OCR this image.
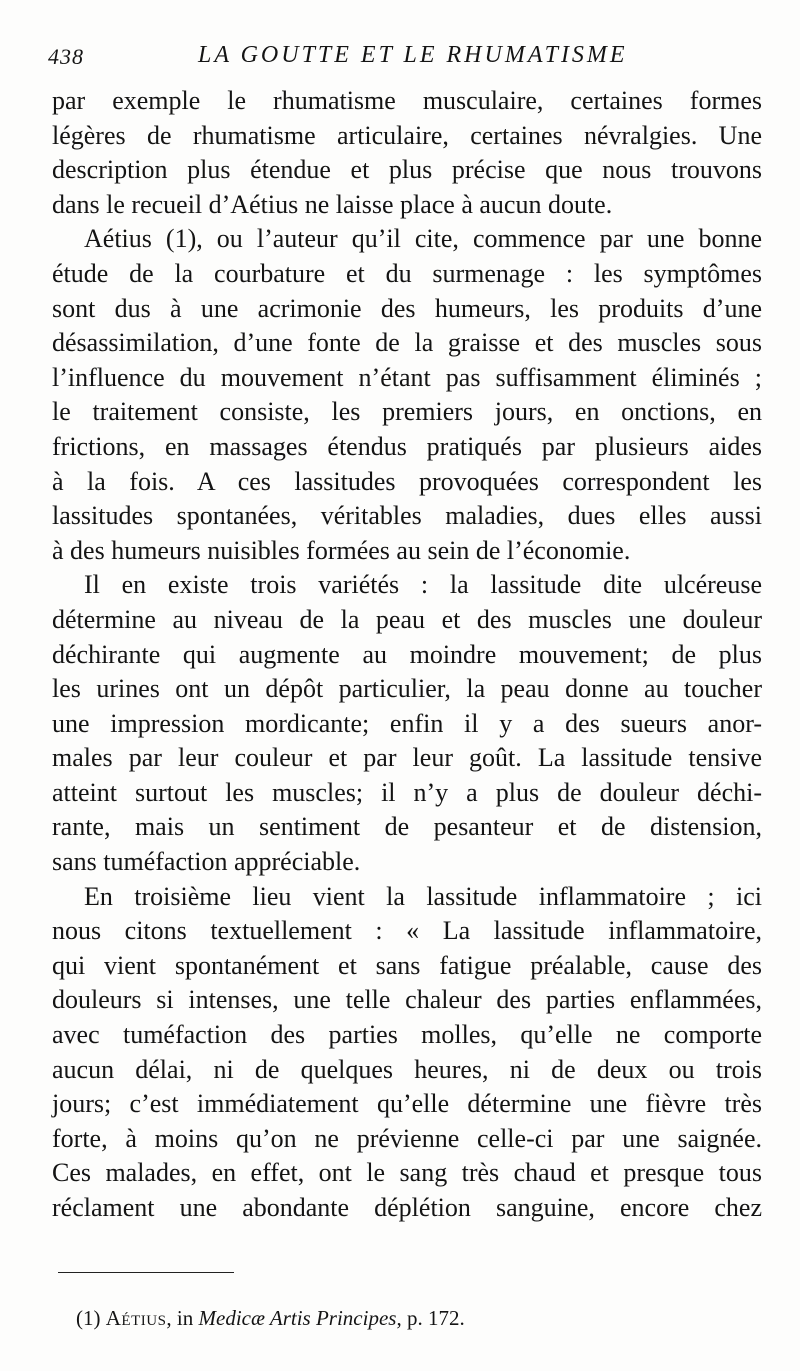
438	LA GOUTTE ET LE RHUMATISME
par exemple le rhumatisme musculaire, certaines formes
légères de rhumatisme articulaire, certaines névralgies. Une
description plus étendue et plus précise que nous trouvons
dans le recueil d’Aétius ne laisse place à aucun doute.
Aétius (1), ou l’auteur qu’il cite, commence par une bonne
étude de la courbature et du surmenage : les symptômes
sont dus à une acrimonie des humeurs, les produits d’une
désassimilation, d’une fonte de la graisse et des muscles sous
l’influence du mouvement n’étant pas suffisamment éliminés ;
le traitement consiste, les premiers jours, en onctions, en
frictions, en massages étendus pratiqués par plusieurs aides
à la fois. A ces lassitudes provoquées correspondent les
lassitudes spontanées, véritables maladies, dues elles aussi
à des humeurs nuisibles formées au sein de l’économie.
Il en existe trois variétés : la lassitude dite ulcéreuse
détermine au niveau de la peau et des muscles une douleur
déchirante qui augmente au moindre mouvement; de plus
les urines ont un dépôt particulier, la peau donne au toucher
une impression mordicante; enfin il y a des sueurs anor-
males par leur couleur et par leur goût. La lassitude tensive
atteint surtout les muscles; il n’y a plus de douleur déchi-
rante, mais un sentiment de pesanteur et de distension,
sans tuméfaction appréciable.
En troisième lieu vient la lassitude inflammatoire ; ici
nous citons textuellement : « La lassitude inflammatoire,
qui vient spontanément et sans fatigue préalable, cause des
douleurs si intenses, une telle chaleur des parties enflammées,
avec tuméfaction des parties molles, qu’elle ne comporte
aucun délai, ni de quelques heures, ni de deux ou trois
jours; c’est immédiatement qu’elle détermine une fièvre très
forte, à moins qu’on ne prévienne celle-ci par une saignée.
Ces malades, en effet, ont le sang très chaud et presque tous
réclament une abondante déplétion sanguine, encore chez
(1) Aétius, in Medicæ Artis Principes, p. 172.
